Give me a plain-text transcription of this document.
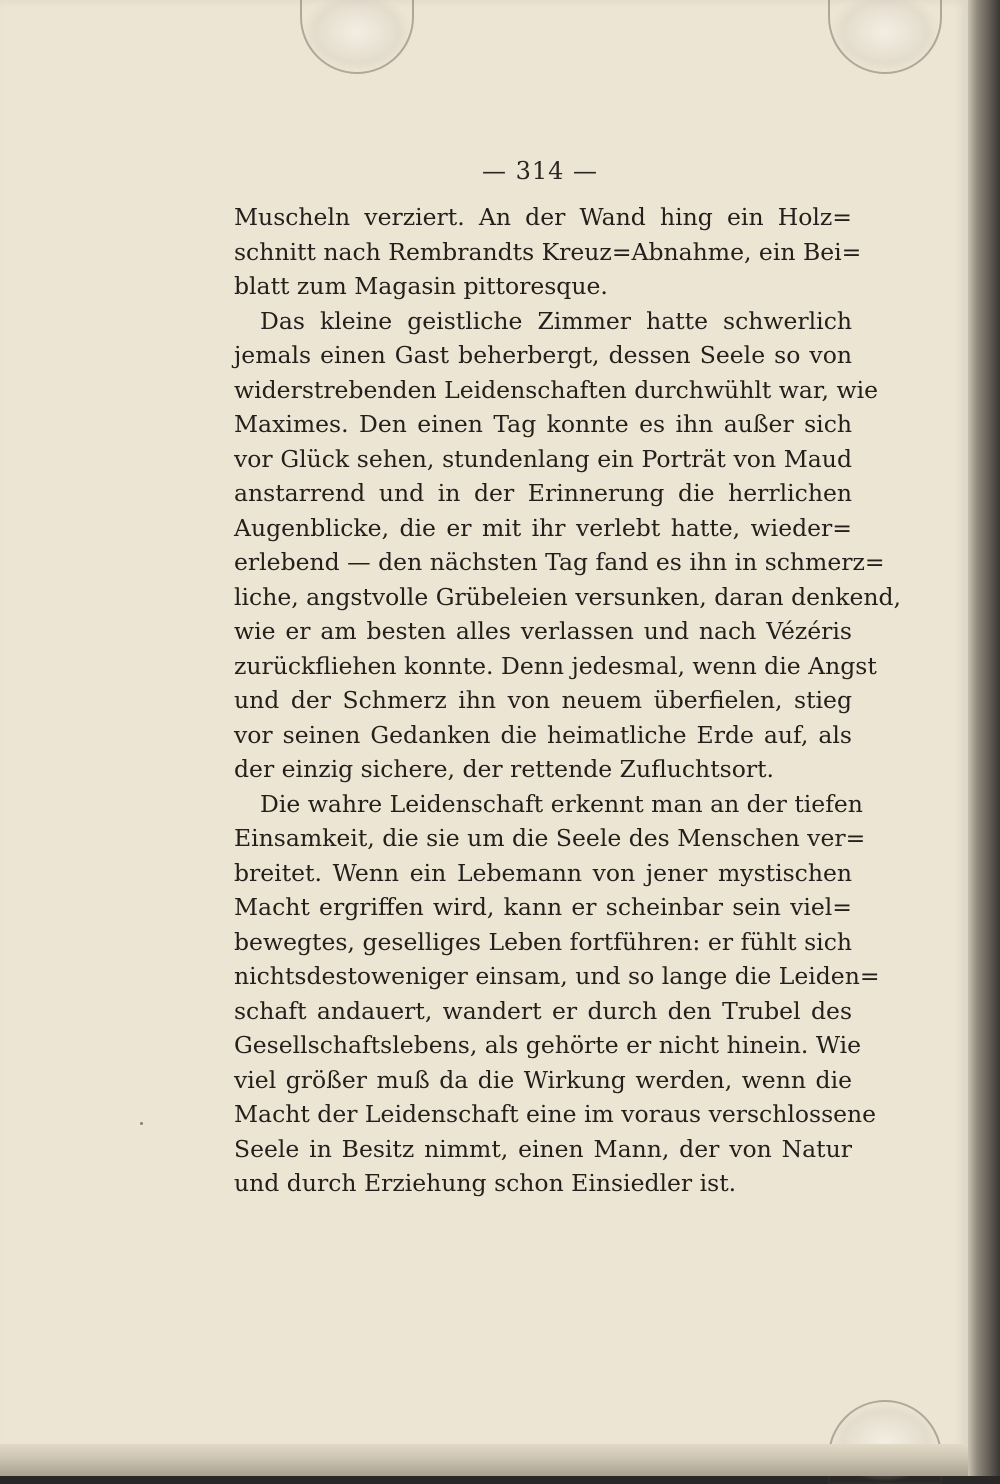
— 314 —
Muscheln verziert. An der Wand hing ein Holz=
schnitt nach Rembrandts Kreuz=Abnahme, ein Bei=
blatt zum Magasin pittoresque.
Das kleine geistliche Zimmer hatte schwerlich
jemals einen Gast beherbergt, dessen Seele so von
widerstrebenden Leidenschaften durchwühlt war, wie
Maximes. Den einen Tag konnte es ihn außer sich
vor Glück sehen, stundenlang ein Porträt von Maud
anstarrend und in der Erinnerung die herrlichen
Augenblicke, die er mit ihr verlebt hatte, wieder=
erlebend — den nächsten Tag fand es ihn in schmerz=
liche, angstvolle Grübeleien versunken, daran denkend,
wie er am besten alles verlassen und nach Vézéris
zurückfliehen konnte. Denn jedesmal, wenn die Angst
und der Schmerz ihn von neuem überfielen, stieg
vor seinen Gedanken die heimatliche Erde auf, als
der einzig sichere, der rettende Zufluchtsort.
Die wahre Leidenschaft erkennt man an der tiefen
Einsamkeit, die sie um die Seele des Menschen ver=
breitet. Wenn ein Lebemann von jener mystischen
Macht ergriffen wird, kann er scheinbar sein viel=
bewegtes, geselliges Leben fortführen: er fühlt sich
nichtsdestoweniger einsam, und so lange die Leiden=
schaft andauert, wandert er durch den Trubel des
Gesellschaftslebens, als gehörte er nicht hinein. Wie
viel größer muß da die Wirkung werden, wenn die
Macht der Leidenschaft eine im voraus verschlossene
Seele in Besitz nimmt, einen Mann, der von Natur
und durch Erziehung schon Einsiedler ist.
